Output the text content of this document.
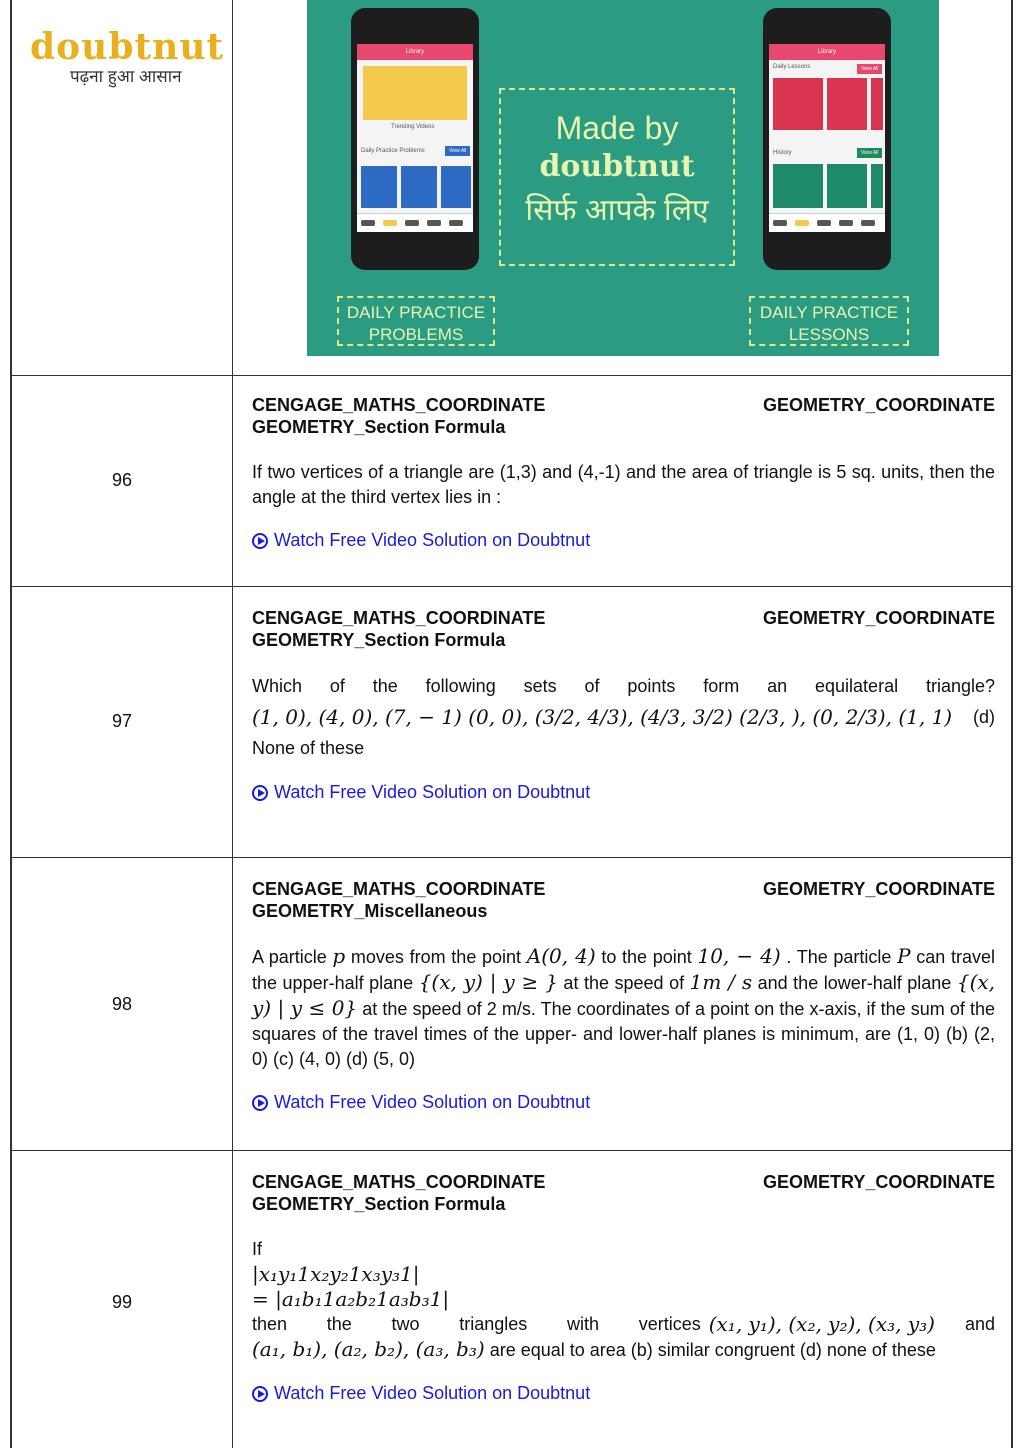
doubtnut
पढ़ना हुआ आसान
Library
Trending Videos
Daily Practice Problems	View All
Library
Daily Lessons	View All
History	View All
Made by
doubtnut
सिर्फ आपके लिए
DAILY PRACTICE PROBLEMS
DAILY PRACTICE LESSONS
96
CENGAGE_MATHS_COORDINATE	GEOMETRY_COORDINATE
GEOMETRY_Section Formula
If two vertices of a triangle are (1,3) and (4,-1) and the area of triangle is 5 sq. units, then the angle at the third vertex lies in :
Watch Free Video Solution on Doubtnut
97
CENGAGE_MATHS_COORDINATE	GEOMETRY_COORDINATE
GEOMETRY_Section Formula
Which of the following sets of points form an equilateral triangle?
(1, 0), (4, 0), (7, − 1) (0, 0), (3/2, 4/3), (4/3, 3/2) (2/3, ), (0, 2/3), (1, 1) (d)
None of these
Watch Free Video Solution on Doubtnut
98
CENGAGE_MATHS_COORDINATE	GEOMETRY_COORDINATE
GEOMETRY_Miscellaneous
A particle p moves from the point A(0, 4) to the point 10, − 4) . The particle P can travel the upper-half plane {(x, y) | y ≥ } at the speed of 1m / s and the lower-half plane {(x, y) | y ≤ 0} at the speed of 2 m/s. The coordinates of a point on the x-axis, if the sum of the squares of the travel times of the upper- and lower-half planes is minimum, are (1, 0) (b) (2, 0) (c) (4, 0) (d) (5, 0)
Watch Free Video Solution on Doubtnut
99
CENGAGE_MATHS_COORDINATE	GEOMETRY_COORDINATE
GEOMETRY_Section Formula
If
|x₁y₁1x₂y₂1x₃y₃1|
= |a₁b₁1a₂b₂1a₃b₃1|
then the two triangles with vertices (x₁, y₁), (x₂, y₂), (x₃, y₃)	and
(a₁, b₁), (a₂, b₂), (a₃, b₃) are equal to area (b) similar congruent (d) none of these
Watch Free Video Solution on Doubtnut
